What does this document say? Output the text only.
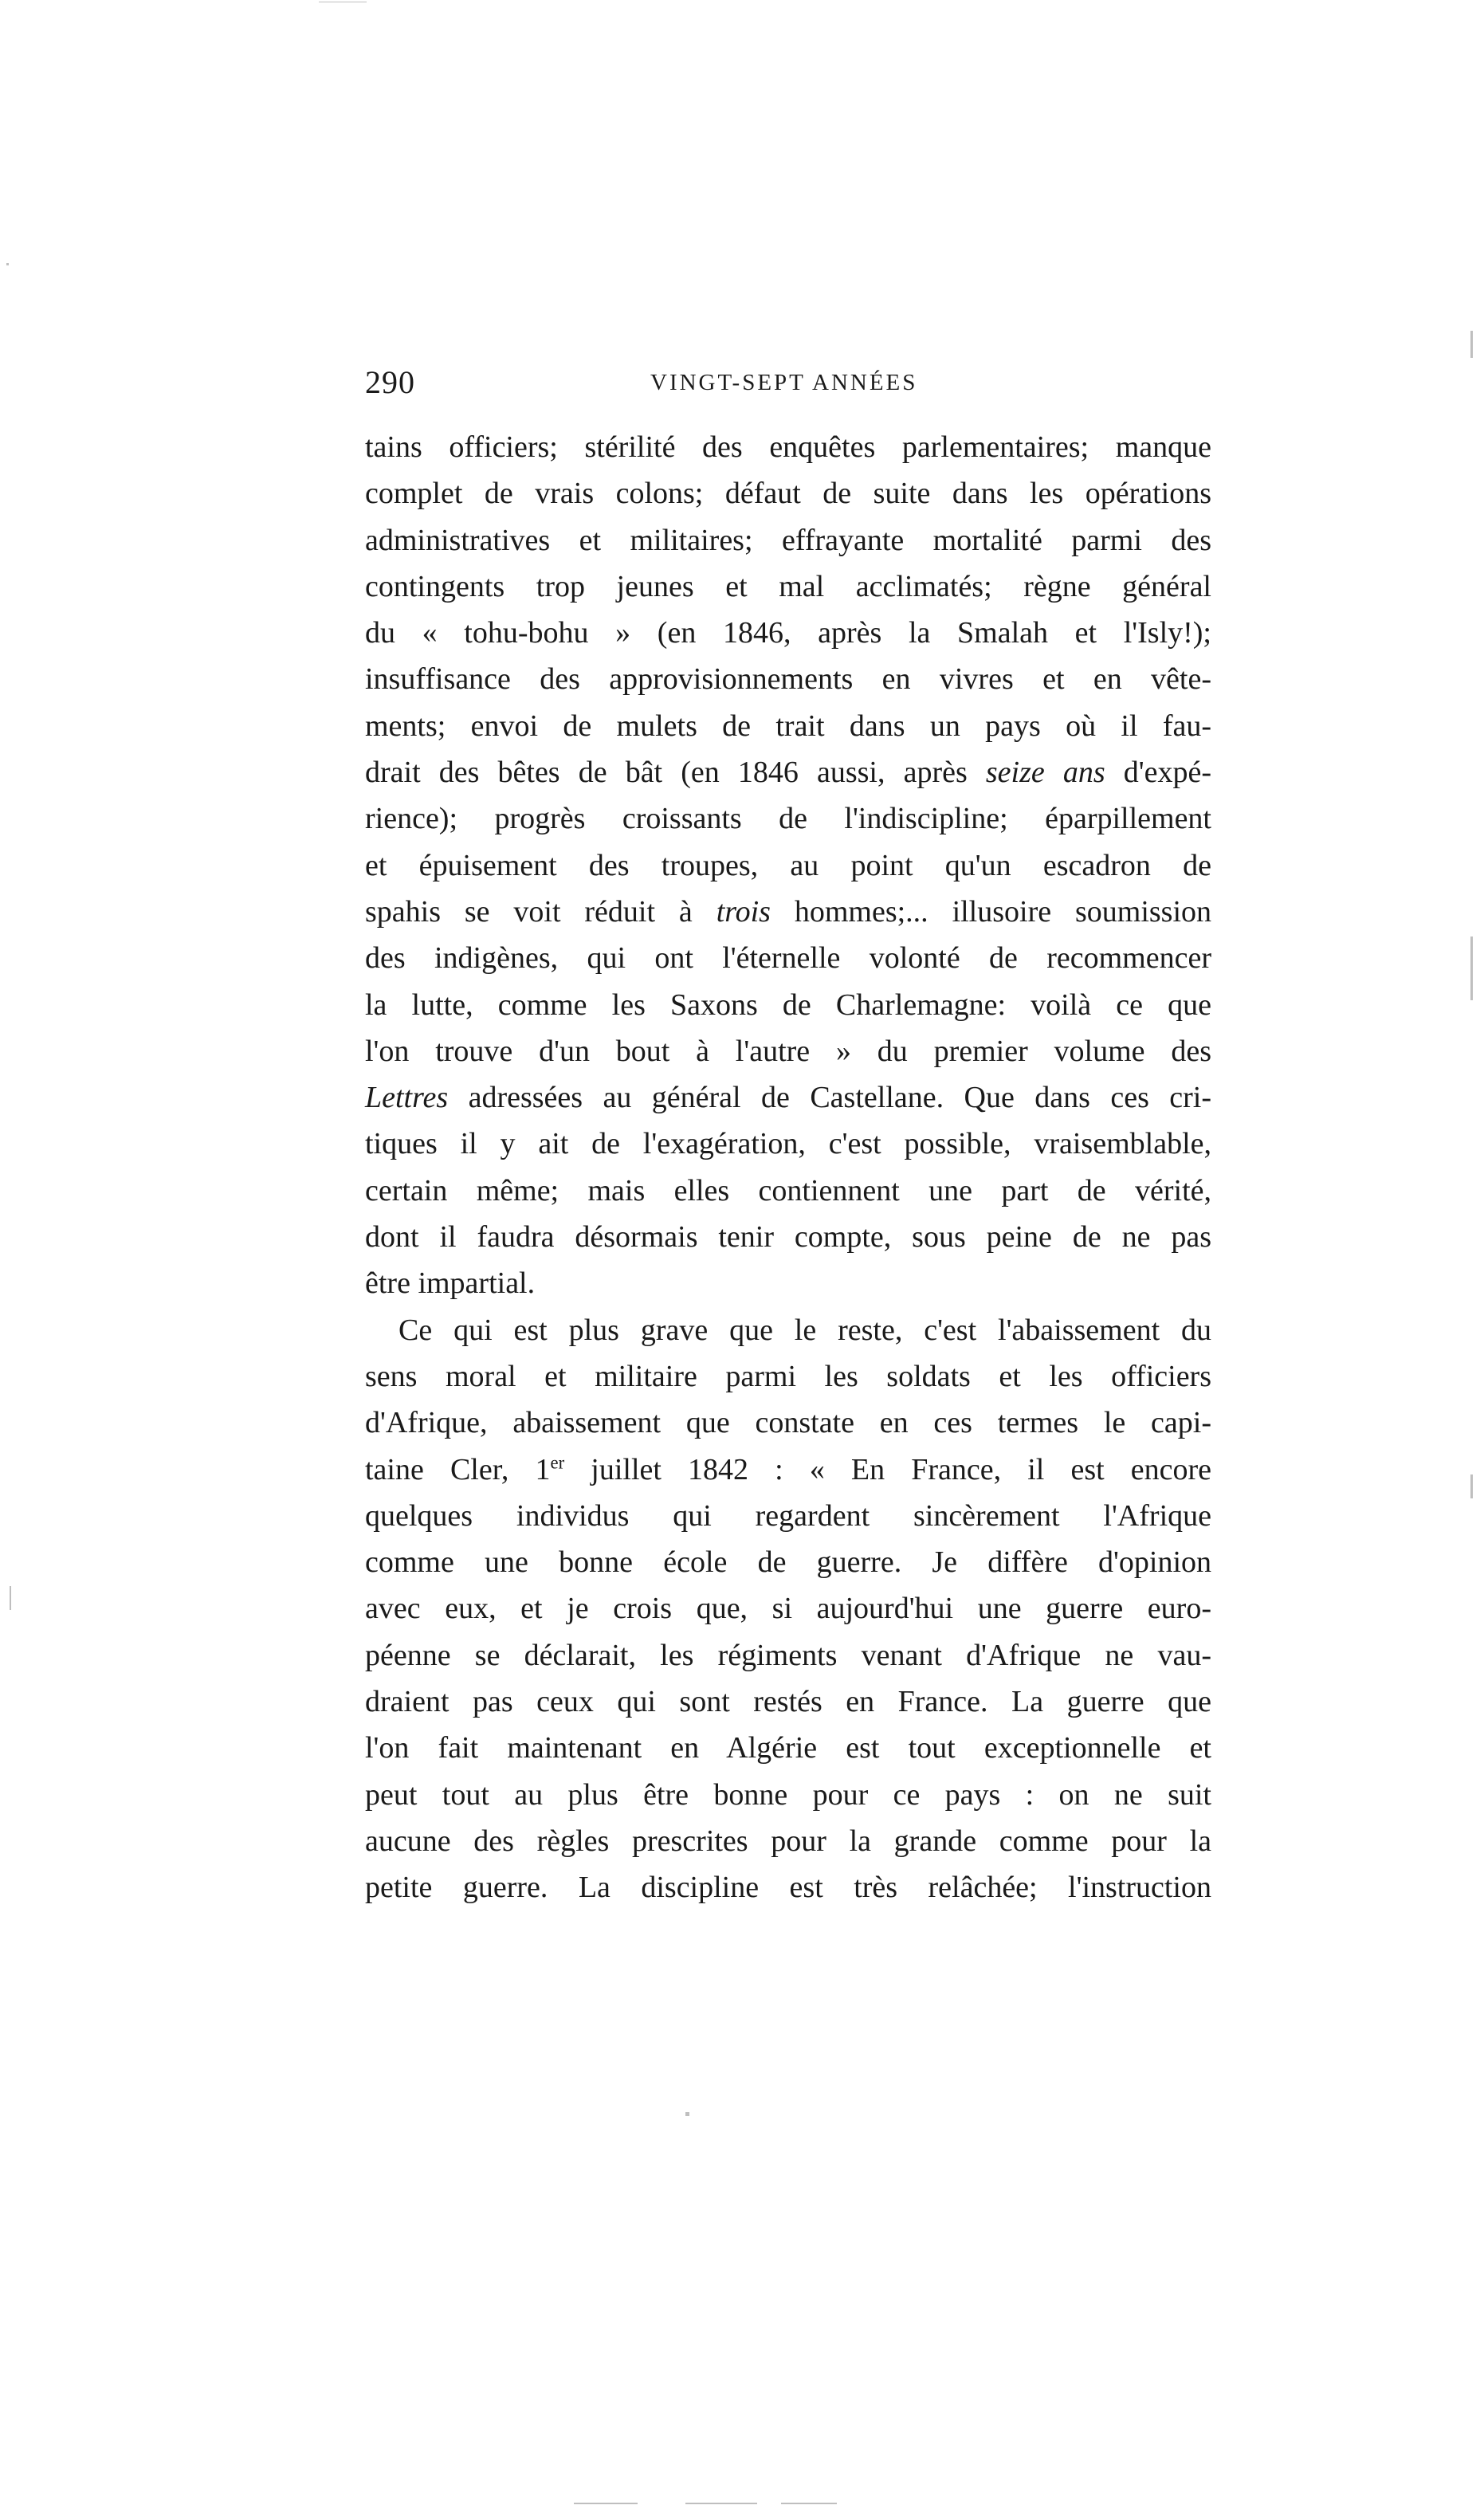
290	VINGT-SEPT ANNÉES
tains officiers; stérilité des enquêtes parlementaires; manque
complet de vrais colons; défaut de suite dans les opérations
administratives et militaires; effrayante mortalité parmi des
contingents trop jeunes et mal acclimatés; règne général
du « tohu-bohu » (en 1846, après la Smalah et l'Isly!);
insuffisance des approvisionnements en vivres et en vête-
ments; envoi de mulets de trait dans un pays où il fau-
drait des bêtes de bât (en 1846 aussi, après seize ans d'expé-
rience); progrès croissants de l'indiscipline; éparpillement
et épuisement des troupes, au point qu'un escadron de
spahis se voit réduit à trois hommes;... illusoire soumission
des indigènes, qui ont l'éternelle volonté de recommencer
la lutte, comme les Saxons de Charlemagne: voilà ce que
l'on trouve d'un bout à l'autre » du premier volume des
Lettres adressées au général de Castellane. Que dans ces cri-
tiques il y ait de l'exagération, c'est possible, vraisemblable,
certain même; mais elles contiennent une part de vérité,
dont il faudra désormais tenir compte, sous peine de ne pas
être impartial.
Ce qui est plus grave que le reste, c'est l'abaissement du
sens moral et militaire parmi les soldats et les officiers
d'Afrique, abaissement que constate en ces termes le capi-
taine Cler, 1er juillet 1842 : « En France, il est encore
quelques individus qui regardent sincèrement l'Afrique
comme une bonne école de guerre. Je diffère d'opinion
avec eux, et je crois que, si aujourd'hui une guerre euro-
péenne se déclarait, les régiments venant d'Afrique ne vau-
draient pas ceux qui sont restés en France. La guerre que
l'on fait maintenant en Algérie est tout exceptionnelle et
peut tout au plus être bonne pour ce pays : on ne suit
aucune des règles prescrites pour la grande comme pour la
petite guerre. La discipline est très relâchée; l'instruction
